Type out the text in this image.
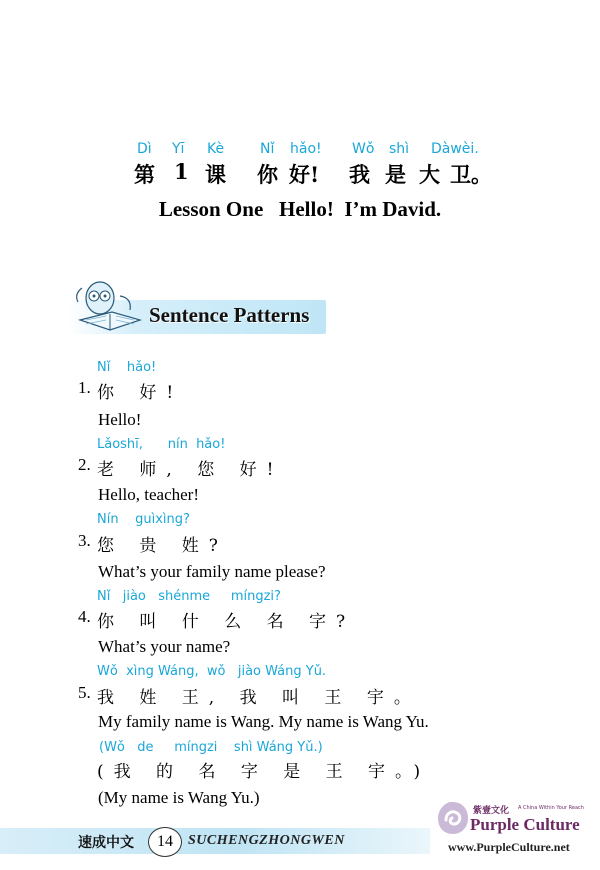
Dì Yī Kè	Nǐ hǎo! Wǒ shì Dàwèi.
第 1 课 你 好! 我 是 大 卫。
Lesson One   Hello!  I’m David.
Sentence Patterns
Nǐ    hǎo!
1. 你 好!
Hello!
Lǎoshī,      nín  hǎo!
2. 老 师, 您 好!
Hello, teacher!
Nín    guìxìng?
3. 您 贵 姓?
What’s your family name please?
Nǐ   jiào   shénme     míngzi?
4. 你 叫 什 么 名 字?
What’s your name?
Wǒ  xìng Wáng,  wǒ   jiào Wáng Yǔ.
5. 我 姓 王, 我 叫 王 宇。
My family name is Wang. My name is Wang Yu.
(Wǒ   de     míngzi    shì Wáng Yǔ.)
(我 的 名 字 是 王 宇。)
(My name is Wang Yu.)
速成中文	14	SUCHENGZHONGWEN
紫壹文化 A China Within Your Reach
Purple Culture
www.PurpleCulture.net
